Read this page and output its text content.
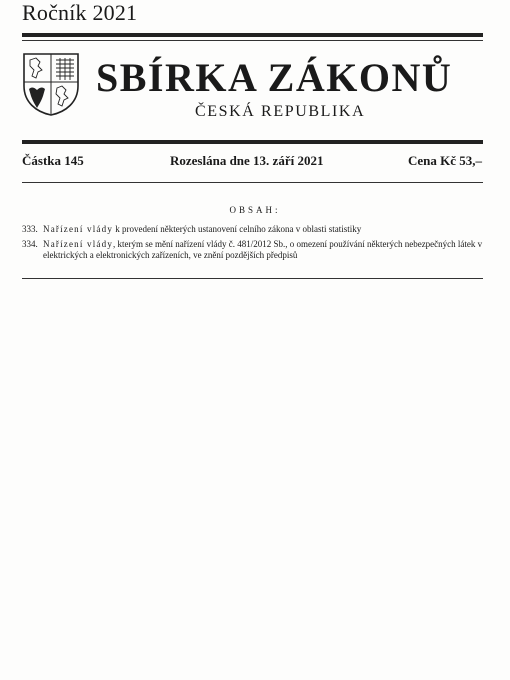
Ročník 2021
SBÍRKA ZÁKONŮ
ČESKÁ REPUBLIKA
Částka 145	Rozeslána dne 13. září 2021	Cena Kč 53,–
OBSAH:
333. Nařízení vlády k provedení některých ustanovení celního zákona v oblasti statistiky
334. Nařízení vlády, kterým se mění nařízení vlády č. 481/2012 Sb., o omezení používání některých nebezpečných látek v elektrických a elektronických zařízeních, ve znění pozdějších předpisů
